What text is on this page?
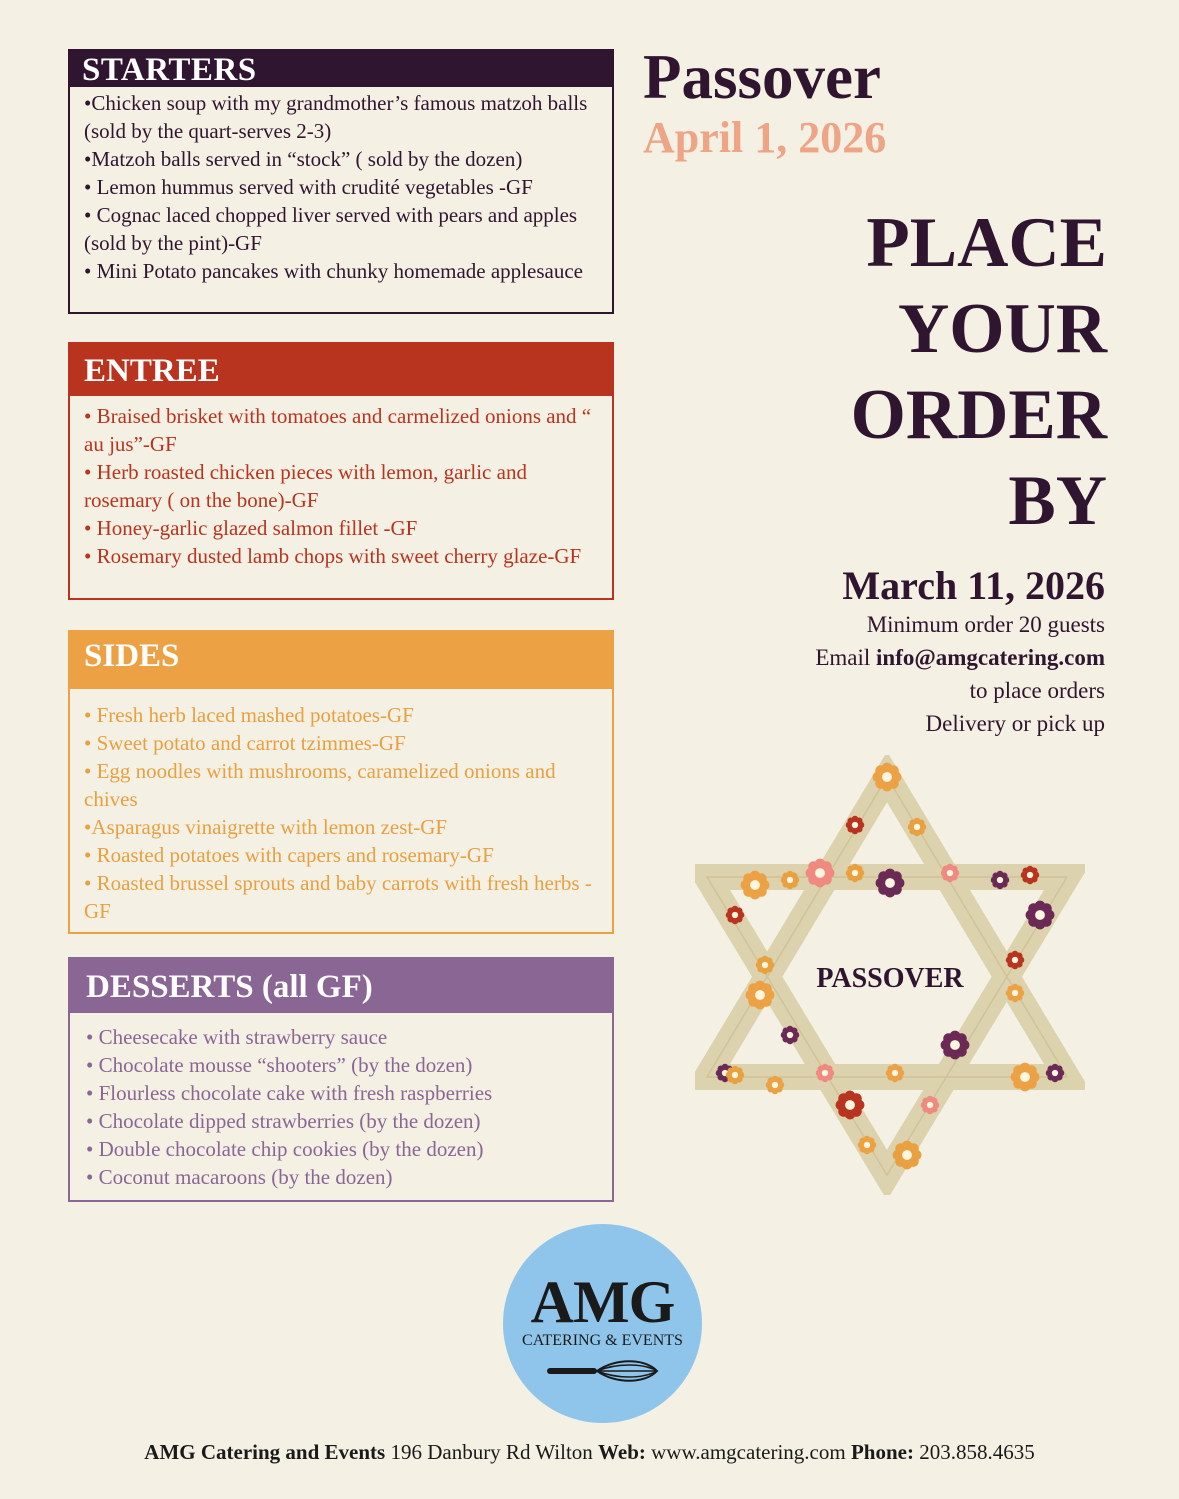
STARTERS
•Chicken soup with my grandmother’s famous matzoh balls (sold by the quart-serves 2-3)
•Matzoh balls served in “stock” ( sold by the dozen)
• Lemon hummus served with crudité vegetables -GF
• Cognac laced chopped liver served with pears and apples (sold by the pint)-GF
• Mini Potato pancakes with chunky homemade applesauce
ENTREE
• Braised brisket with tomatoes and carmelized onions and “ au jus”-GF
• Herb roasted chicken pieces with lemon, garlic and rosemary ( on the bone)-GF
• Honey-garlic glazed salmon fillet -GF
• Rosemary dusted lamb chops with sweet cherry glaze-GF
SIDES
• Fresh herb laced mashed potatoes-GF
• Sweet potato and carrot tzimmes-GF
• Egg noodles with mushrooms, caramelized onions and chives
•Asparagus vinaigrette with lemon zest-GF
• Roasted potatoes with capers and rosemary-GF
• Roasted brussel sprouts and baby carrots with fresh herbs -GF
DESSERTS (all GF)
• Cheesecake with strawberry sauce
• Chocolate mousse “shooters” (by the dozen)
• Flourless chocolate cake with fresh raspberries
• Chocolate dipped strawberries (by the dozen)
• Double chocolate chip cookies (by the dozen)
• Coconut macaroons (by the dozen)
Passover
April 1, 2026
PLACE
YOUR
ORDER
BY
March 11, 2026
Minimum order 20 guests
Email info@amgcatering.com
to place orders
Delivery or pick up
PASSOVER
AMG
CATERING & EVENTS
AMG Catering and Events 196 Danbury Rd Wilton Web: www.amgcatering.com Phone: 203.858.4635
